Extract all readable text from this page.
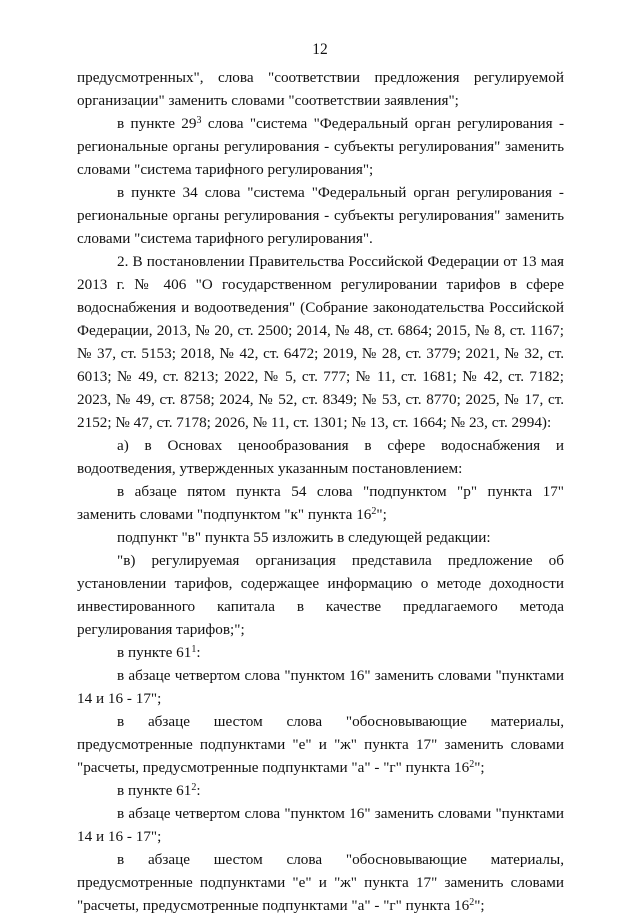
12

предусмотренных", слова "соответствии предложения регулируемой организации" заменить словами "соответствии заявления";

в пункте $29^3$ слова "система "Федеральный орган регулирования - региональные органы регулирования - субъекты регулирования" заменить словами "система тарифного регулирования";

в пункте 34 слова "система "Федеральный орган регулирования - региональные органы регулирования - субъекты регулирования" заменить словами "система тарифного регулирования".

2. В постановлении Правительства Российской Федерации от 13 мая 2013 г. № 406 "О государственном регулировании тарифов в сфере водоснабжения и водоотведения" (Собрание законодательства Российской Федерации, 2013, № 20, ст. 2500; 2014, № 48, ст. 6864; 2015, № 8, ст. 1167; № 37, ст. 5153; 2018, № 42, ст. 6472; 2019, № 28, ст. 3779; 2021, № 32, ст. 6013; № 49, ст. 8213; 2022, № 5, ст. 777; № 11, ст. 1681; № 42, ст. 7182; 2023, № 49, ст. 8758; 2024, № 52, ст. 8349; № 53, ст. 8770; 2025, № 17, ст. 2152; № 47, ст. 7178; 2026, № 11, ст. 1301; № 13, ст. 1664; № 23, ст. 2994):

а) в Основах ценообразования в сфере водоснабжения и водоотведения, утвержденных указанным постановлением:

в абзаце пятом пункта 54 слова "подпунктом "р" пункта 17" заменить словами "подпунктом "к" пункта $16^2$";

подпункт "в" пункта 55 изложить в следующей редакции:

"в) регулируемая организация представила предложение об установлении тарифов, содержащее информацию о методе доходности инвестированного капитала в качестве предлагаемого метода регулирования тарифов;";

в пункте $61^1$:

в абзаце четвертом слова "пунктом 16" заменить словами "пунктами 14 и 16 - 17";

в абзаце шестом слова "обосновывающие материалы, предусмотренные подпунктами "е" и "ж" пункта 17" заменить словами "расчеты, предусмотренные подпунктами "а" - "г" пункта $16^2$";

в пункте $61^2$:

в абзаце четвертом слова "пунктом 16" заменить словами "пунктами 14 и 16 - 17";

в абзаце шестом слова "обосновывающие материалы, предусмотренные подпунктами "е" и "ж" пункта 17" заменить словами "расчеты, предусмотренные подпунктами "а" - "г" пункта $16^2$";
